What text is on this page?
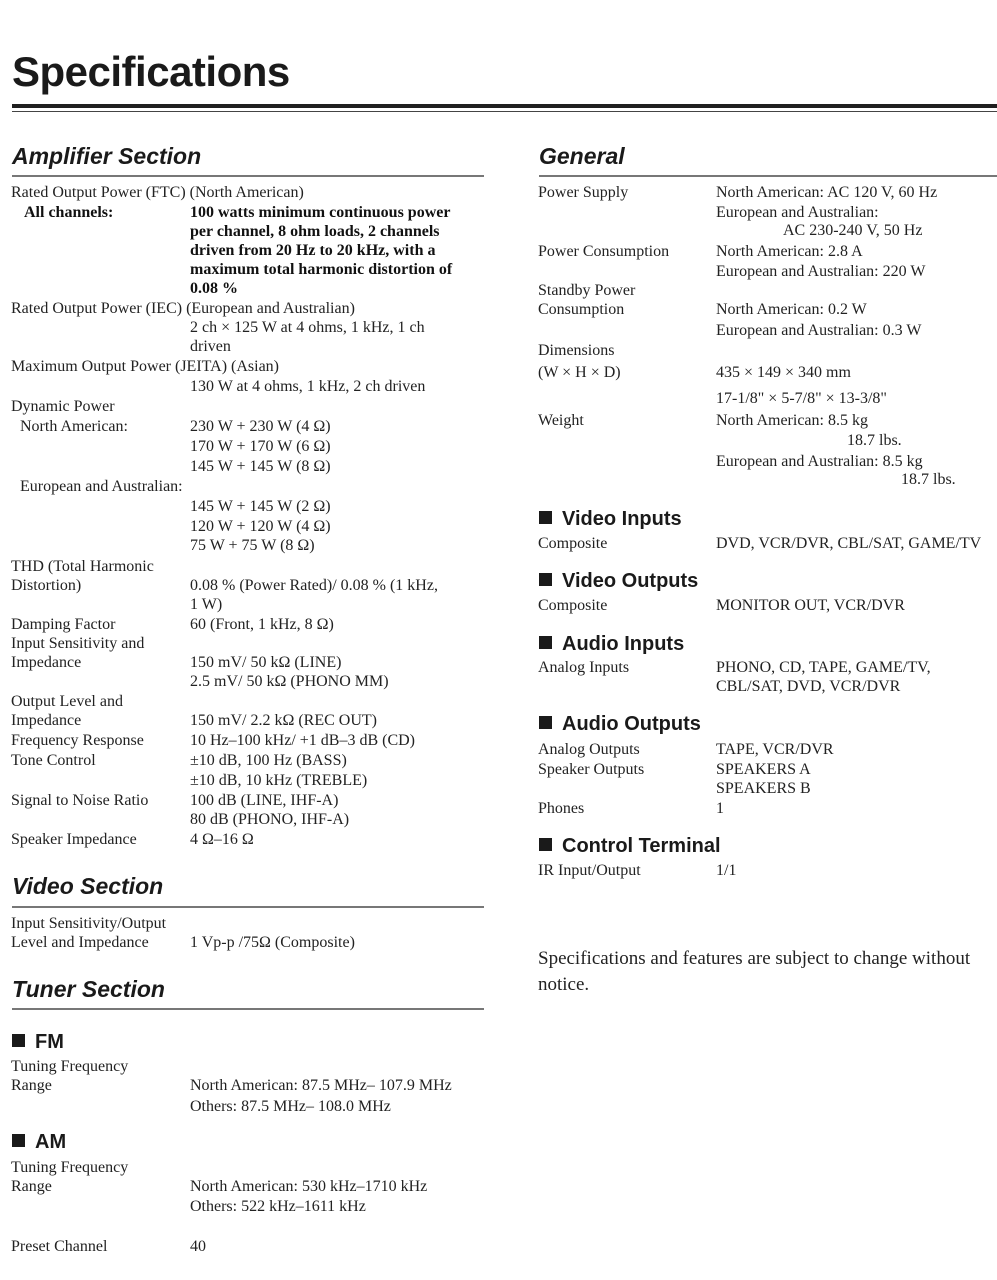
Specifications
Amplifier Section
Rated Output Power (FTC) (North American)
All channels:	100 watts minimum continuous power
per channel, 8 ohm loads, 2 channels
driven from 20 Hz to 20 kHz, with a
maximum total harmonic distortion of
0.08 %
Rated Output Power (IEC) (European and Australian)
2 ch × 125 W at 4 ohms, 1 kHz, 1 ch
driven
Maximum Output Power (JEITA) (Asian)
130 W at 4 ohms, 1 kHz, 2 ch driven
Dynamic Power
North American:	230 W + 230 W (4 Ω)
170 W + 170 W (6 Ω)
145 W + 145 W (8 Ω)
European and Australian:
145 W + 145 W (2 Ω)
120 W + 120 W (4 Ω)
75 W + 75 W (8 Ω)
THD (Total Harmonic
Distortion)	0.08 % (Power Rated)/ 0.08 % (1 kHz,
1 W)
Damping Factor	60 (Front, 1 kHz, 8 Ω)
Input Sensitivity and
Impedance	150 mV/ 50 kΩ (LINE)
2.5 mV/ 50 kΩ (PHONO MM)
Output Level and
Impedance	150 mV/ 2.2 kΩ (REC OUT)
Frequency Response	10 Hz–100 kHz/ +1 dB–3 dB (CD)
Tone Control	±10 dB, 100 Hz (BASS)
±10 dB, 10 kHz (TREBLE)
Signal to Noise Ratio	100 dB (LINE, IHF-A)
80 dB (PHONO, IHF-A)
Speaker Impedance	4 Ω–16 Ω
Video Section
Input Sensitivity/Output
Level and Impedance	1 Vp-p /75Ω (Composite)
Tuner Section
FM
Tuning Frequency
Range	North American: 87.5 MHz– 107.9 MHz
Others: 87.5 MHz– 108.0 MHz
AM
Tuning Frequency
Range	North American: 530 kHz–1710 kHz
Others: 522 kHz–1611 kHz
Preset Channel	40
General
Power Supply	North American: AC 120 V, 60 Hz
European and Australian:
AC 230-240 V, 50 Hz
Power Consumption	North American: 2.8 A
European and Australian: 220 W
Standby Power
Consumption	North American: 0.2 W
European and Australian: 0.3 W
Dimensions
(W × H × D)	435 × 149 × 340 mm
17-1/8" × 5-7/8" × 13-3/8"
Weight	North American: 8.5 kg
18.7 lbs.
European and Australian: 8.5 kg
18.7 lbs.
Video Inputs
Composite	DVD, VCR/DVR, CBL/SAT, GAME/TV
Video Outputs
Composite	MONITOR OUT, VCR/DVR
Audio Inputs
Analog Inputs	PHONO, CD, TAPE, GAME/TV,
CBL/SAT, DVD, VCR/DVR
Audio Outputs
Analog Outputs	TAPE, VCR/DVR
Speaker Outputs	SPEAKERS A
SPEAKERS B
Phones	1
Control Terminal
IR Input/Output	1/1
Specifications and features are subject to change without
notice.
